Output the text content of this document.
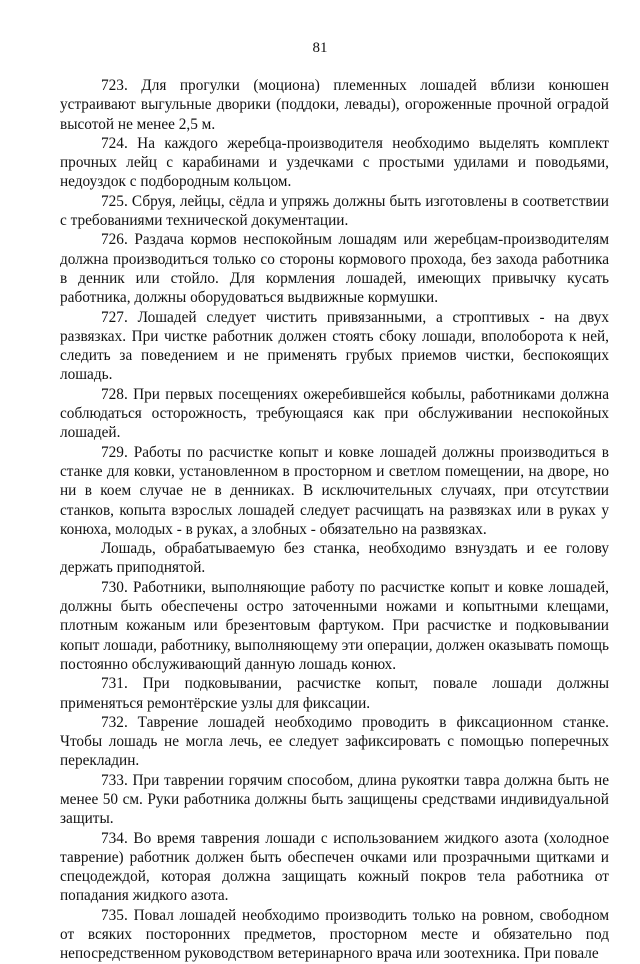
81

723. Для прогулки (моциона) племенных лошадей вблизи конюшен устраивают выгульные дворики (поддоки, левады), огороженные прочной оградой высотой не менее 2,5 м.

724. На каждого жеребца-производителя необходимо выделять комплект прочных лейц с карабинами и уздечками с простыми удилами и поводьями, недоуздок с подбородным кольцом.

725. Сбруя, лейцы, сёдла и упряжь должны быть изготовлены в соответствии с требованиями технической документации.

726. Раздача кормов неспокойным лошадям или жеребцам-производителям должна производиться только со стороны кормового прохода, без захода работника в денник или стойло. Для кормления лошадей, имеющих привычку кусать работника, должны оборудоваться выдвижные кормушки.

727. Лошадей следует чистить привязанными, а строптивых - на двух развязках. При чистке работник должен стоять сбоку лошади, вполоборота к ней, следить за поведением и не применять грубых приемов чистки, беспокоящих лошадь.

728. При первых посещениях ожеребившейся кобылы, работниками должна соблюдаться осторожность, требующаяся как при обслуживании неспокойных лошадей.

729. Работы по расчистке копыт и ковке лошадей должны производиться в станке для ковки, установленном в просторном и светлом помещении, на дворе, но ни в коем случае не в денниках. В исключительных случаях, при отсутствии станков, копыта взрослых лошадей следует расчищать на развязках или в руках у конюха, молодых - в руках, а злобных - обязательно на развязках.

Лошадь, обрабатываемую без станка, необходимо взнуздать и ее голову держать приподнятой.

730. Работники, выполняющие работу по расчистке копыт и ковке лошадей, должны быть обеспечены остро заточенными ножами и копытными клещами, плотным кожаным или брезентовым фартуком. При расчистке и подковывании копыт лошади, работнику, выполняющему эти операции, должен оказывать помощь постоянно обслуживающий данную лошадь конюх.

731. При подковывании, расчистке копыт, повале лошади должны применяться ремонтёрские узлы для фиксации.

732. Таврение лошадей необходимо проводить в фиксационном станке. Чтобы лошадь не могла лечь, ее следует зафиксировать с помощью поперечных перекладин.

733. При таврении горячим способом, длина рукоятки тавра должна быть не менее 50 см. Руки работника должны быть защищены средствами индивидуальной защиты.

734. Во время таврения лошади с использованием жидкого азота (холодное таврение) работник должен быть обеспечен очками или прозрачными щитками и спецодеждой, которая должна защищать кожный покров тела работника от попадания жидкого азота.

735. Повал лошадей необходимо производить только на ровном, свободном от всяких посторонних предметов, просторном месте и обязательно под непосредственном руководством ветеринарного врача или зоотехника. При повале
